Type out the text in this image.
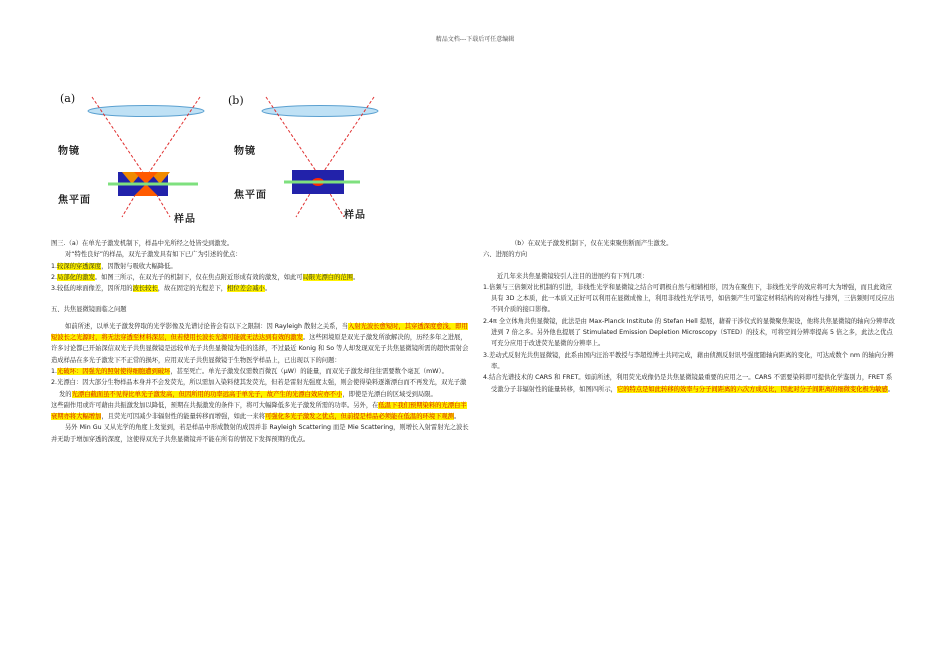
精品文档---下载后可任意编辑
(a)	(b)
物镜	物镜
焦平面	焦平面
样品	样品

图三.（a）在单光子激发机制下，样品中光所经之处皆受到激发。

对“特性良好”的样品，双光子激发具有如下已广为引述的优点：

1.较深的穿透深度，因散射与吸收大幅降低。
2.局部化的激发。如图三所示，在双光子的机制下，仅在焦点附近形成有效的激发，如此可局限光漂白的范围。
3.较低的球面像差，因所用的波长较长，故在固定的光程差下，相位差会减小。

五、共焦显微镜面临之问题

如前所述，以单光子激发猝取的光学影像及光谱讨论皆会有以下之限制：因 Rayleigh 散射之关系，当入射光波长愈短时，其穿透深度愈浅，即用短波长之光源时，将无法穿透至材料深层，但若使用长波长光源可能就无法达到有效的激发。这些困境原是双光子激发所欲解决的，历经多年之进展，许多讨论都已开始深信双光子共焦显微镜是远较单光子共焦显微镜为佳的选择，不过最近 Konig 和 So 等人却发现双光子共焦显微镜所需的超快雷射会造成样品在多光子激发下不正常的损坏，应用双光子共焦显微镜于生物医学样品上，已出现以下的问题：

1.光破坏：因强光的照射使得细胞遭到破坏，甚至死亡。单光子激发仅需数百微瓦（μW）的能量，而双光子激发却往往需要数个毫瓦（mW）。
2.光漂白：因大部分生物样品本身并不会发荧光，所以需加入染料使其发荧光，但若是雷射光强度太强，则会使得染料逐渐漂白而不再发光，双光子激发的光漂白截面虽不见得比单光子激发高，但因所用的功率远高于单光子，故产生的光漂白效应亦不小，即使是光漂白的区域受到局限。

这些副作用或许可藉由共振激发加以降低，预期在共振激发的条件下，将可大幅降低多光子激发所需的功率。另外，在低温下我们预期染料的光漂白半衰期亦将大幅增加，且荧光可因减少非辐射性的能量转移而增强，如此一来将可强化多光子激发之优点，但前提是样品必须能在低温的环境下观测。

另外 Min Gu 又从光学的角度上发觉到，若是样品中形成散射的成因并非 Rayleigh Scattering 而是 Mie Scattering，则增长入射雷射光之波长并无助于增加穿透的深度，这使得双光子共焦显微镜并不能在所有的情况下发挥预期的优点。

（b）在双光子激发机制下，仅在光束聚焦断面产生激发。

六、进展的方向

近几年来共焦显微镜较引人注目的进展约有下列几项：

1.倍频与三倍频对比机制的引进，非线性光学和显微镜之结合可谓极自然与相辅相形，因为在聚焦下，非线性光学的效应将可大为增强，而且此效应具有 3D 之本质，此一本质又正好可以利用在显微成像上，利用非线性光学讯号，如倍频产生可鉴定材料结构的对称性与排列，三倍频则可反应出不同介质的接口影像。
2.4π 全立体角共焦显微镜，此法是由 Max-Planck Institute 的 Stefan Hell 提展，藉着干涉仪式的显微聚焦架设，他将共焦显微镜的轴向分辨率改进到 7 倍之多。另外他也提展了 Stimulated Emission Depletion Microscopy（STED）的技术，可将空间分辨率提高 5 倍之多，此法之优点可充分应用于改进荧光显微的分辨率上。
3.差动式反射光共焦显微镜，此系由国内汪治平教授与李超煌博士共同完成，藉由侦测反射讯号强度随轴向距离的变化，可达成数个 nm 的轴向分辨率。
4.结合光谱技术的 CARS 和 FRET。如前所述，利用荧光成像仍是共焦显微镜最重要的应用之一。CARS 不需要染料即可提供化学鉴别力，FRET 系受激分子非辐射性的能量转移，如图四所示，它的特点是如此转移的效率与分子间距离的六次方成反比，因此对分子间距离的细微变化极为敏感。
